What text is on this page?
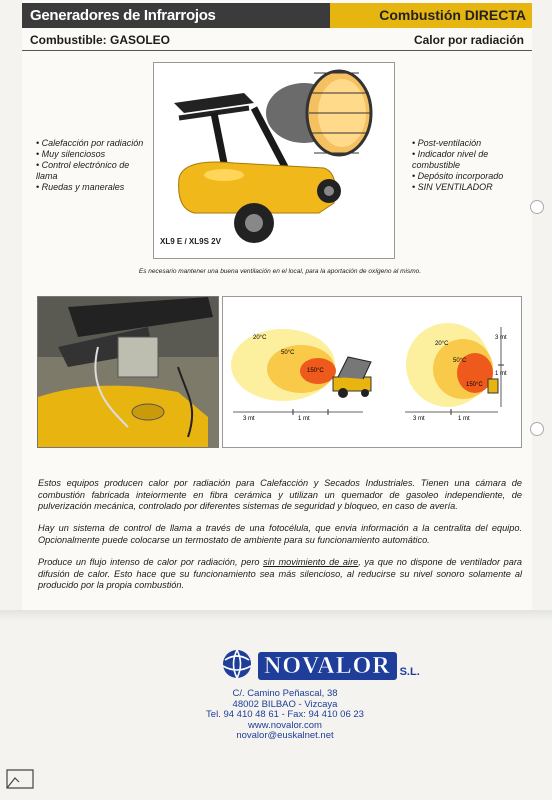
Generadores de Infrarrojos	Combustión DIRECTA
Combustible: GASOLEO	Calor por radiación
XL9 E / XL9S 2V
• Calefacción por radiación
• Muy silenciosos
• Control electrónico de llama
• Ruedas y manerales
• Post-ventilación
• Indicador nivel de combustible
• Depósito incorporado
• SIN VENTILADOR
Es necesario mantener una buena ventilación en el local, para la aportación de oxígeno al mismo.
20°C
50°C
150°C
3 mt	1 mt
20°C
50°C
150°C
3 mt	1 mt
3 mt
1 mt

Estos equipos producen calor por radiación para Calefacción y Secados Industriales. Tienen una cámara de combustión fabricada inteiormente en fibra cerámica y utilizan un quemador de gasoleo independiente, de pulverización mecánica, controlado por diferentes sistemas de seguridad y bloqueo, en caso de avería.

Hay un sistema de control de llama a través de una fotocélula, que envia información a la centralita del equipo. Opcionalmente puede colocarse un termostato de ambiente para su funcionamiento automático.

Produce un flujo intenso de calor por radiación, pero sin movimiento de aire, ya que no dispone de ventilador para difusión de calor. Esto hace que su funcionamiento sea más silencioso, al reducirse su nivel sonoro solamente al producido por la propia combustión.

NOVALOR S.L.
C/. Camino Peñascal, 38
48002 BILBAO - Vizcaya
Tel. 94 410 48 61 - Fax: 94 410 06 23
www.novalor.com
novalor@euskalnet.net
